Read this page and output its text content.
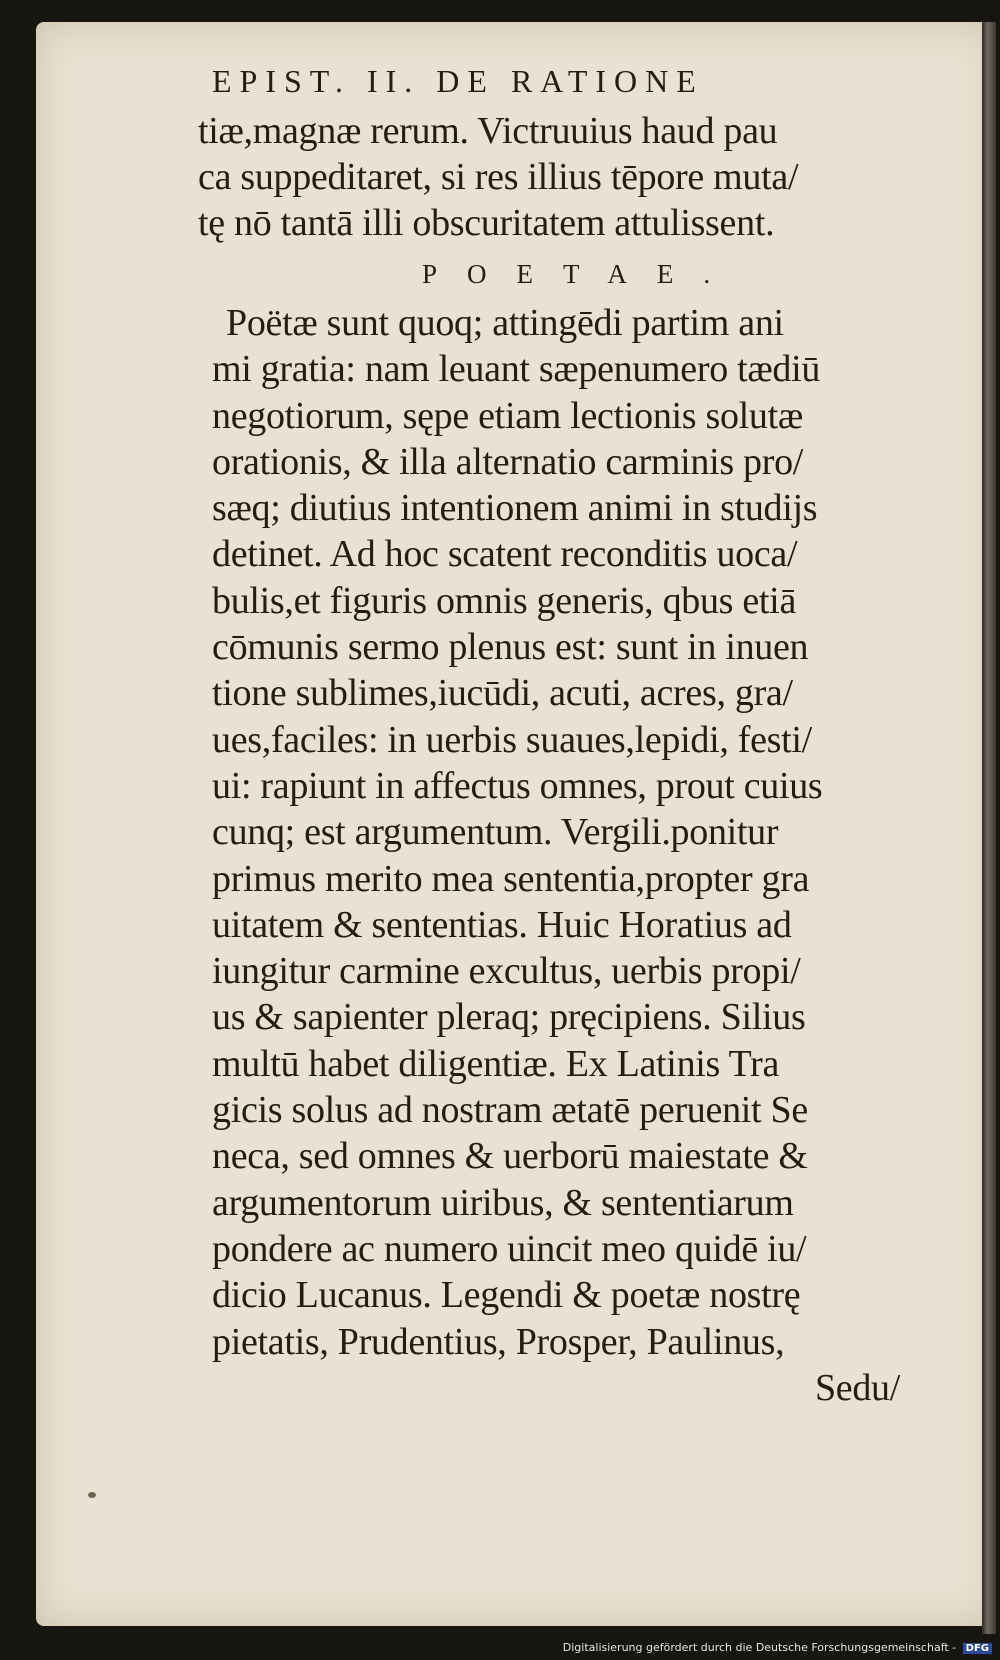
EPIST. II. DE RATIONE

tiæ,magnæ rerum. Victruuius haud pau

ca suppeditaret, si res illius tēpore muta/

tę nō tantā illi obscuritatem attulissent.

POETAE.

Poëtæ sunt quoq; attingēdi partim ani

mi gratia: nam leuant sæpenumero tædiū

negotiorum, sępe etiam lectionis solutæ

orationis, & illa alternatio carminis pro/

sæq; diutius intentionem animi in studijs

detinet. Ad hoc scatent reconditis uoca/

bulis,et figuris omnis generis, qbus etiā

cōmunis sermo plenus est: sunt in inuen

tione sublimes,iucūdi, acuti, acres, gra/

ues,faciles: in uerbis suaues,lepidi, festi/

ui: rapiunt in affectus omnes, prout cuius

cunq; est argumentum. Vergili.ponitur

primus merito mea sententia,propter gra

uitatem & sententias. Huic Horatius ad

iungitur carmine excultus, uerbis propi/

us & sapienter pleraq; pręcipiens. Silius

multū habet diligentiæ. Ex Latinis Tra

gicis solus ad nostram ætatē peruenit Se

neca, sed omnes & uerborū maiestate &

argumentorum uiribus, & sententiarum

pondere ac numero uincit meo quidē iu/

dicio Lucanus. Legendi & poetæ nostrę

pietatis, Prudentius, Prosper, Paulinus,

Sedu/

Digitalisierung gefördert durch die Deutsche Forschungsgemeinschaft - DFG
